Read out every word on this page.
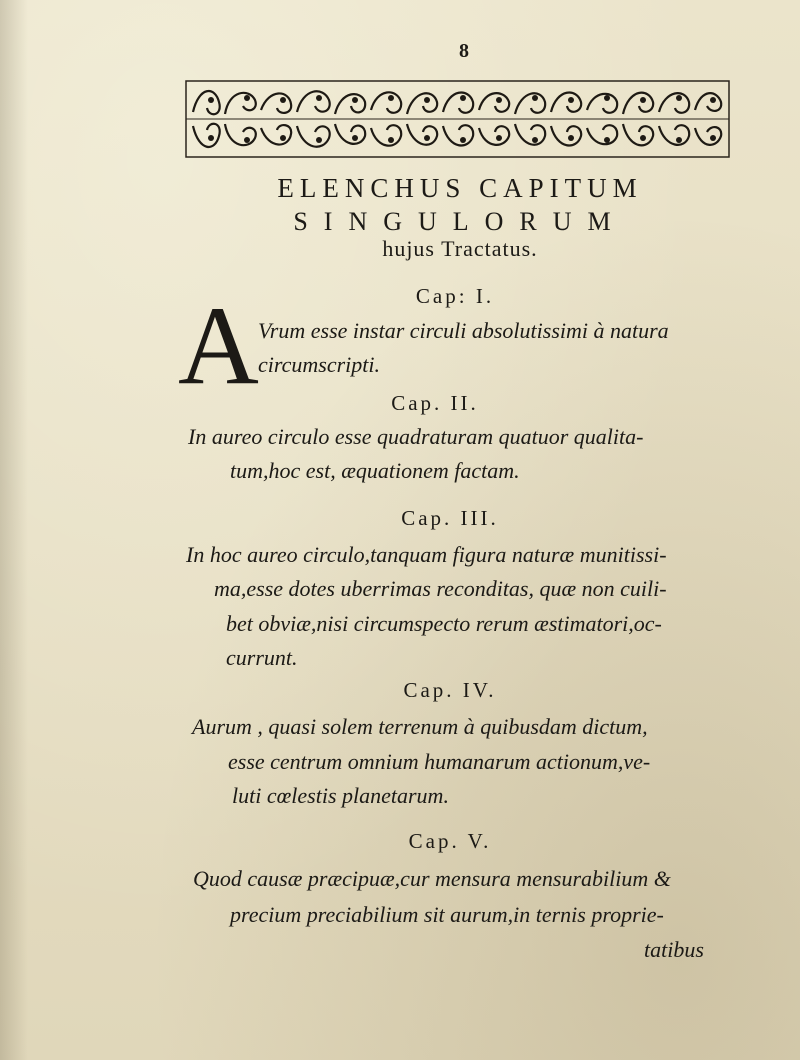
8
ELENCHUS CAPITUM
SINGULORUM
hujus Tractatus.
Cap: I.
A Vrum esse instar circuli absolutissimi à natura
circumscripti.
Cap. II.
In aureo circulo esse quadraturam quatuor qualita-
tum,hoc est, æquationem factam.
Cap. III.
In hoc aureo circulo,tanquam figura naturæ munitissi-
ma,esse dotes uberrimas reconditas, quæ non cuili-
bet obviæ,nisi circumspecto rerum æstimatori,oc-
currunt.
Cap. IV.
Aurum , quasi solem terrenum à quibusdam dictum,
esse centrum omnium humanarum actionum,ve-
luti cœlestis planetarum.
Cap. V.
Quod causæ præcipuæ,cur mensura mensurabilium &
precium preciabilium sit aurum,in ternis proprie-
tatibus
